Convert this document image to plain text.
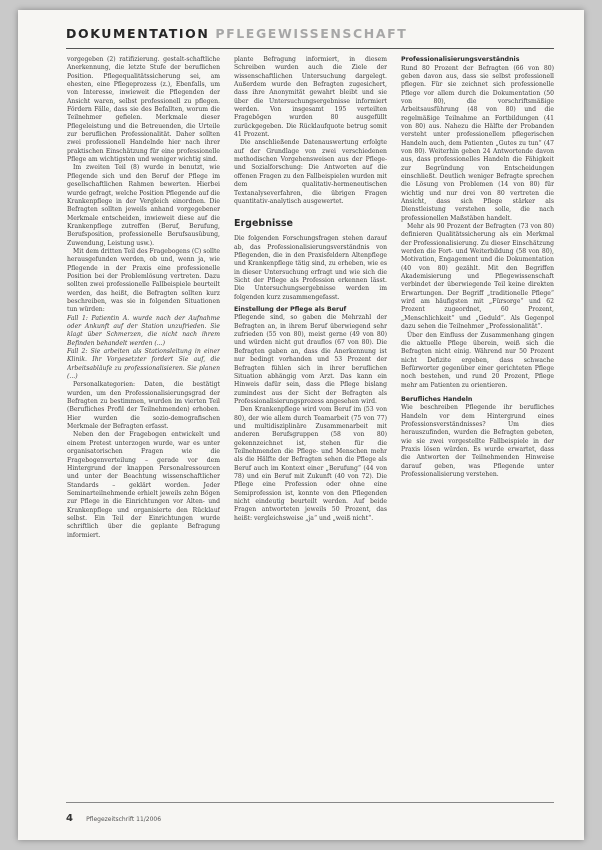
DOKUMENTATION PFLEGEWISSENSCHAFT

vorgegeben (2) ratifizierung. gestalt-schaftliche Anerkennung, die letzte Stufe der beruflichen Position. Pflegequalitätssicherung sei, am ehesten, eine Pflegeprozess (z.), Ebenfalls, um von Interesse, inwieweit die Pflegenden der Ansicht waren, selbst professionell zu pflegen. Fördern Fälle, dass sie des Befallten, worum die Teilnehmer gefielen. Merkmale dieser Pflegeleistung und die Betreuenden, die Urteile zur beruflichen Professionalität. Daher sollten zwei professionell Handelnde hier nach ihrer praktischen Einschätzung für eine professionelle Pflege am wichtigsten und weniger wichtig sind.

Im zweiten Teil (8) wurde in benutzt, wie Pflegende sich und den Beruf der Pflege im gesellschaftlichen Rahmen bewerten. Hierbei wurde gefragt, welche Position Pflegende auf die Krankenpflege in der Vergleich einordnen. Die Befragten sollten jeweils anhand vorgegebener Merkmale entscheiden, inwieweit diese auf die Krankenpflege zutreffen (Beruf, Berufung, Berufsposition, professionelle Berufsausübung, Zuwendung, Leistung usw.).

Mit dem dritten Teil des Fragebogens (C) sollte herausgefunden werden, ob und, wenn ja, wie Pflegende in der Praxis eine professionelle Position bei der Problemlösung vertreten. Dazu sollten zwei professionelle Fallbeispiele beurteilt werden, das heißt, die Befragten sollten kurz beschreiben, was sie in folgenden Situationen tun würden:

Fall 1: Patientin A. wurde nach der Aufnahme oder Ankunft auf der Station unzufrieden. Sie klagt über Schmerzen, die nicht nach ihrem Befinden behandelt werden (...)

Fall 2: Sie arbeiten als Stationsleitung in einer Klinik. Ihr Vorgesetzter fordert Sie auf, die Arbeitsabläufe zu professionalisieren. Sie planen (...)

Personalkategorien: Daten, die bestätigt wurden, um den Professionalisierungsgrad der Befragten zu bestimmen, wurden im vierten Teil (Berufliches Profil der Teilnehmenden) erhoben. Hier wurden die sozio-demografischen Merkmale der Befragten erfasst.

Neben den der Fragebogen entwickelt und einem Pretest unterzogen wurde, war es unter organisatorischen Fragen wie die Fragebogenverteilung – gerade vor dem Hintergrund der knappen Personalressourcen und unter der Beachtung wissenschaftlicher Standards – geklärt worden. Jeder Seminarteilnehmende erhielt jeweils zehn Bögen zur Pflege in die Einrichtungen vor Alten- und Krankenpflege und organisierte den Rücklauf selbst. Ein Teil der Einrichtungen wurde schriftlich über die geplante Befragung informiert.

plante Befragung informiert, in diesem Schreiben wurden auch die Ziele der wissenschaftlichen Untersuchung dargelegt. Außerdem wurde den Befragten zugesichert, dass ihre Anonymität gewahrt bleibt und sie über die Untersuchungsergebnisse informiert werden. Von insgesamt 195 verteilten Fragebögen wurden 80 ausgefüllt zurückgegeben. Die Rücklaufquote betrug somit 41 Prozent.

Die anschließende Datenauswertung erfolgte auf der Grundlage von zwei verschiedenen methodischen Vorgehensweisen aus der Pflege- und Sozialforschung: Die Antworten auf die offenen Fragen zu den Fallbeispielen wurden mit dem qualitativ-hermeneutischen Textanalyseverfahren, die übrigen Fragen quantitativ-analytisch ausgewertet.

Ergebnisse

Die folgenden Forschungsfragen stehen darauf ab, das Professionalisierungsverständnis von Pflegenden, die in den Praxisfeldern Altenpflege und Krankenpflege tätig sind, zu erheben, wie es in dieser Untersuchung erfragt und wie sich die Sicht der Pflege als Profession erkennen lässt. Die Untersuchungsergebnisse werden im folgenden kurz zusammengefasst.

Einstellung der Pflege als Beruf

Pflegende sind, so gaben die Mehrzahl der Befragten an, in ihrem Beruf überwiegend sehr zufrieden (55 von 80), meist gerne (49 von 80) und würden nicht gut drauflos (67 von 80). Die Befragten gaben an, dass die Anerkennung ist nur bedingt vorhanden und 53 Prozent der Befragten fühlen sich in ihrer beruflichen Situation abhängig vom Arzt. Das kann ein Hinweis dafür sein, dass die Pflege bislang zumindest aus der Sicht der Befragten als Professionalisierungsprozess angesehen wird.

Den Krankenpflege wird vom Beruf im (53 von 80), der wie allem durch Teamarbeit (75 von 77) und multidisziplinäre Zusammenarbeit mit anderen Berufsgruppen (58 von 80) gekennzeichnet ist, stehen für die Teilnehmenden die Pflege- und Menschen mehr als die Hälfte der Befragten sehen die Pflege als Beruf auch im Kontext einer „Berufung“ (44 von 78) und ein Beruf mit Zukunft (40 von 72). Die Pflege eine Profession oder ohne eine Semiprofession ist, konnte von den Pflegenden nicht eindeutig beurteilt werden. Auf beide Fragen antworteten jeweils 50 Prozent, das heißt: vergleichsweise „ja“ und „weiß nicht“.

Professionalisierungsverständnis

Rund 80 Prozent der Befragten (66 von 80) geben davon aus, dass sie selbst professionell pflegen. Für sie zeichnet sich professionelle Pflege vor allem durch die Dokumentation (50 von 80), die vorschriftsmäßige Arbeitsausführung (48 von 80) und die regelmäßige Teilnahme an Fortbildungen (41 von 80) aus. Nahezu die Hälfte der Probanden versteht unter professionellem pflegerischen Handeln auch, dem Patienten „Gutes zu tun“ (47 von 80). Weiterhin geben 24 Antwortende davon aus, dass professionelles Handeln die Fähigkeit zur Begründung von Entscheidungen einschließt. Deutlich weniger Befragte sprechen die Lösung von Problemen (14 von 80) für wichtig und nur drei von 80 vertreten die Ansicht, dass sich Pflege stärker als Dienstleistung verstehen solle, die nach professionellen Maßstäben handelt.

Mehr als 90 Prozent der Befragten (73 von 80) definieren Qualitätssicherung als ein Merkmal der Professionalisierung. Zu dieser Einschätzung werden die Fort- und Weiterbildung (58 von 80), Motivation, Engagement und die Dokumentation (40 von 80) gezählt. Mit den Begriffen Akademisierung und Pflegewissenschaft verbindet der überwiegende Teil keine direkten Erwartungen. Der Begriff „traditionelle Pflege“ wird am häufigsten mit „Fürsorge“ und 62 Prozent zugeordnet, 60 Prozent, „Menschlichkeit“ und „Geduld“. Als Gegenpol dazu sehen die Teilnehmer „Professionalität“.

Über den Einfluss der Zusammenhang gingen die aktuelle Pflege überein, weiß sich die Befragten nicht einig. Während nur 50 Prozent nicht Defizite ergeben, dass schwache Befürworter gegenüber einer gerichteten Pflege noch bestehen, und rund 20 Prozent, Pflege mehr am Patienten zu orientieren.

Berufliches Handeln

Wie beschreiben Pflegende ihr berufliches Handeln vor dem Hintergrund eines Professionsverständnisses? Um dies herauszufinden, wurden die Befragten gebeten, wie sie zwei vorgestellte Fallbeispiele in der Praxis lösen würden. Es wurde erwartet, dass die Antworten der Teilnehmenden Hinweise darauf geben, was Pflegende unter Professionalisierung verstehen.

4 Pflegezeitschrift 11/2006
